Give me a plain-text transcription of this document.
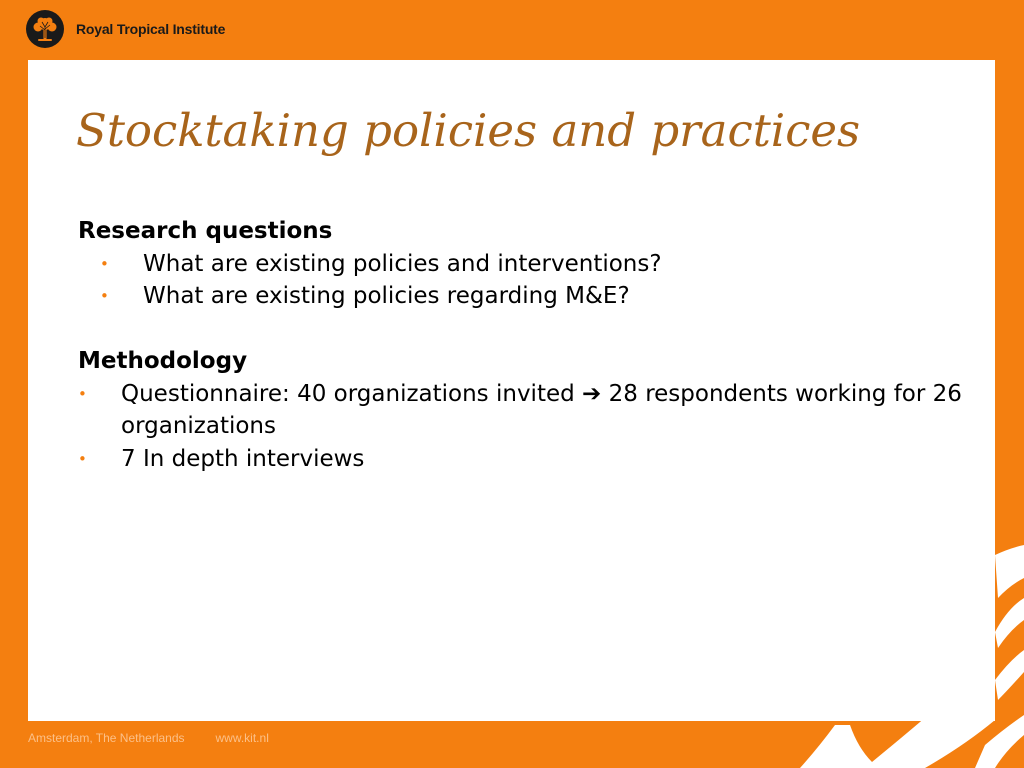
Royal Tropical Institute
Stocktaking policies and practices
Research questions
•	What are existing policies and interventions?
•	What are existing policies regarding M&E?
Methodology
•	Questionnaire: 40 organizations invited ➔ 28 respondents working for 26 organizations
•	7 In depth interviews
Amsterdam, The Netherlands	www.kit.nl
